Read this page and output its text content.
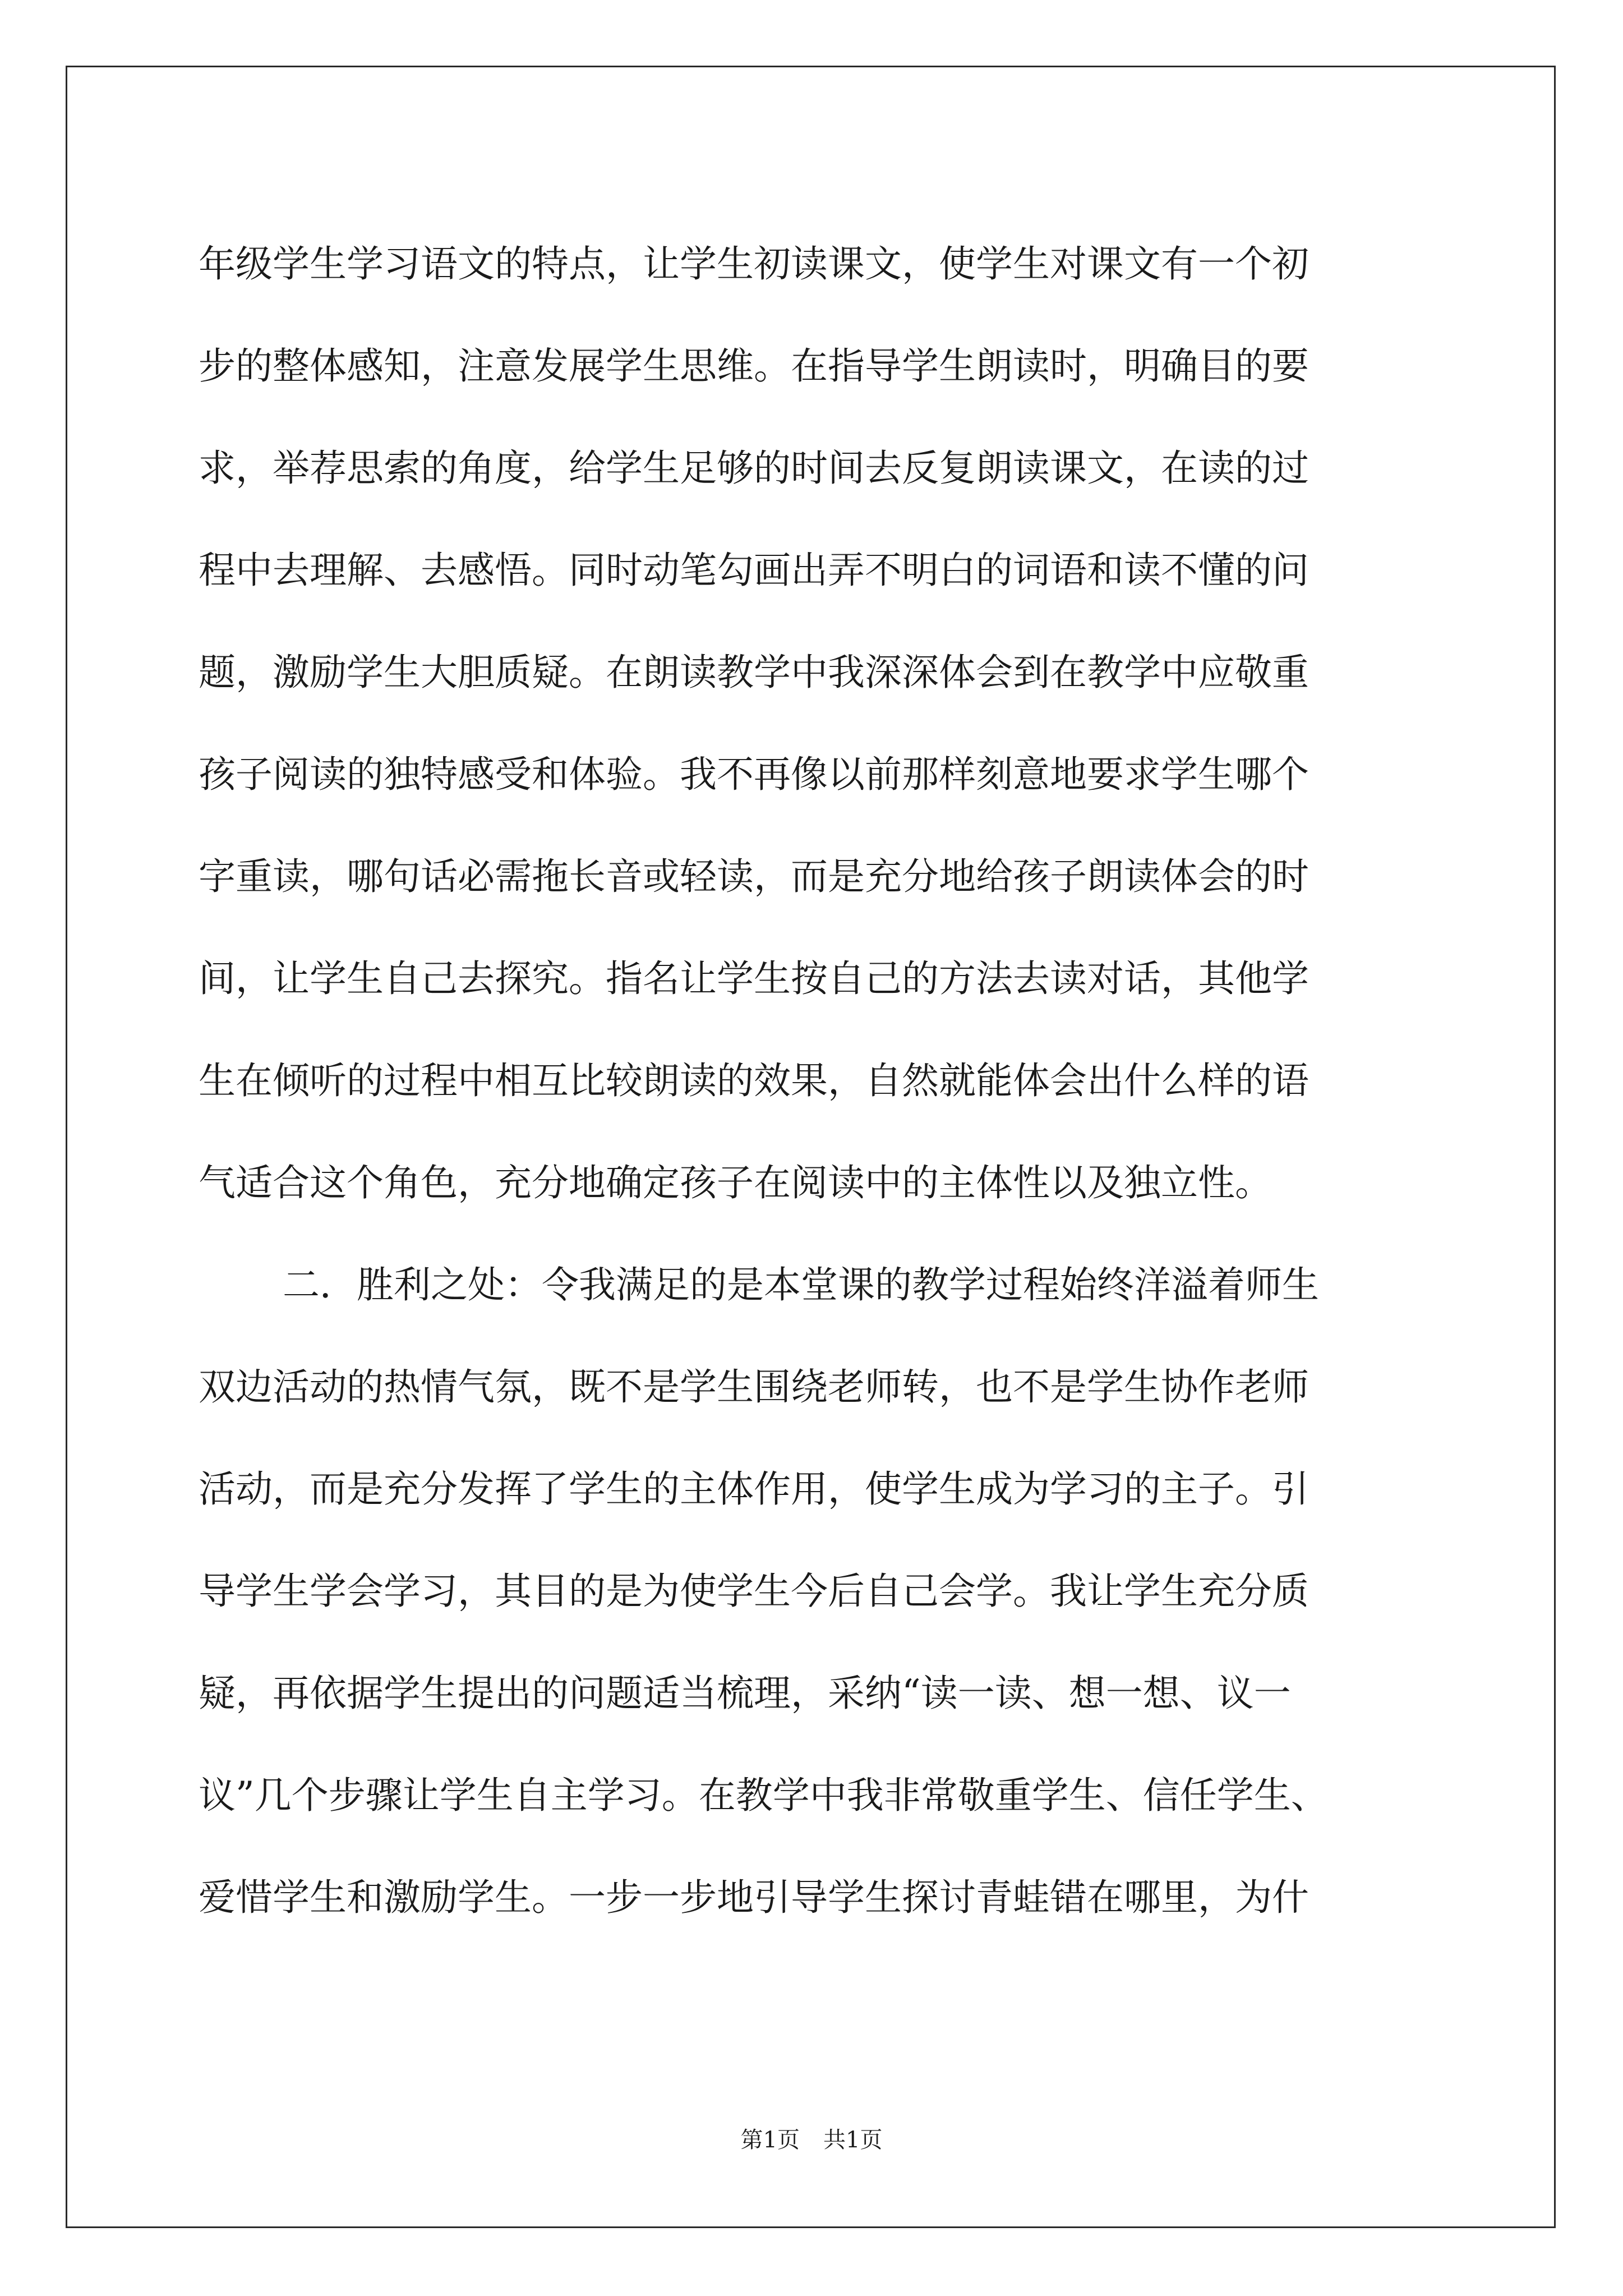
年级学生学习语文的特点，让学生初读课文，使学生对课文有一个初
步的整体感知，注意发展学生思维。在指导学生朗读时，明确目的要
求，举荐思索的角度，给学生足够的时间去反复朗读课文，在读的过
程中去理解、去感悟。同时动笔勾画出弄不明白的词语和读不懂的问
题，激励学生大胆质疑。在朗读教学中我深深体会到在教学中应敬重
孩子阅读的独特感受和体验。我不再像以前那样刻意地要求学生哪个
字重读，哪句话必需拖长音或轻读，而是充分地给孩子朗读体会的时
间，让学生自己去探究。指名让学生按自己的方法去读对话，其他学
生在倾听的过程中相互比较朗读的效果，自然就能体会出什么样的语
气适合这个角色，充分地确定孩子在阅读中的主体性以及独立性。
二．胜利之处：令我满足的是本堂课的教学过程始终洋溢着师生
双边活动的热情气氛，既不是学生围绕老师转，也不是学生协作老师
活动，而是充分发挥了学生的主体作用，使学生成为学习的主子。引
导学生学会学习，其目的是为使学生今后自己会学。我让学生充分质
疑，再依据学生提出的问题适当梳理，采纳“读一读、想一想、议一
议”几个步骤让学生自主学习。在教学中我非常敬重学生、信任学生、
爱惜学生和激励学生。一步一步地引导学生探讨青蛙错在哪里，为什
第1页 共1页
